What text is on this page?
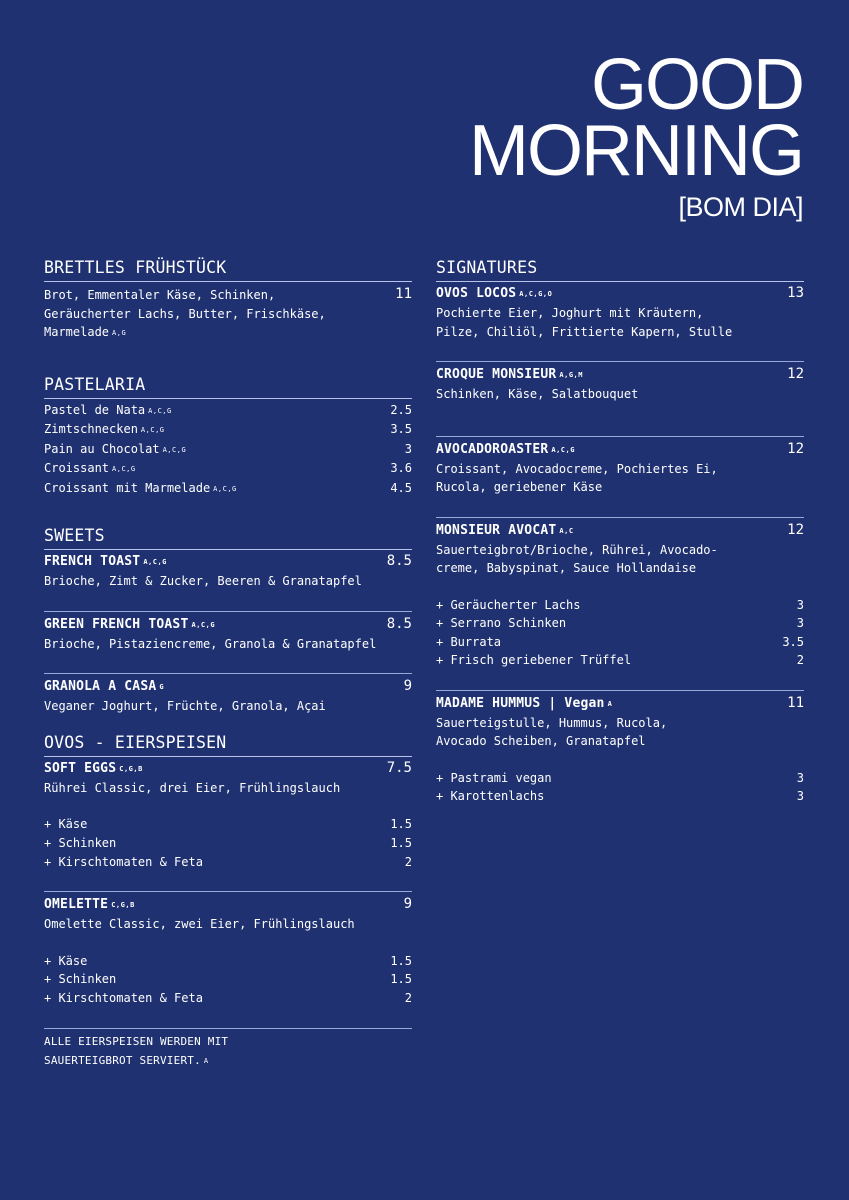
GOOD
MORNING
[BOM DIA]
BRETTLES FRÜHSTÜCK
11
Brot, Emmentaler Käse, Schinken,
Geräucherter Lachs, Butter, Frischkäse,
Marmelade A,G
PASTELARIA
Pastel de Nata A,C,G	2.5
Zimtschnecken A,C,G	3.5
Pain au Chocolat A,C,G	3
Croissant A,C,G	3.6
Croissant mit Marmelade A,C,G	4.5
SWEETS
FRENCH TOAST A,C,G	8.5
Brioche, Zimt & Zucker, Beeren & Granatapfel
GREEN FRENCH TOAST A,C,G	8.5
Brioche, Pistaziencreme, Granola & Granatapfel
GRANOLA A CASA G	9
Veganer Joghurt, Früchte, Granola, Açai
OVOS - EIERSPEISEN
SOFT EGGS C,G,B	7.5
Rührei Classic, drei Eier, Frühlingslauch
+ Käse	1.5
+ Schinken	1.5
+ Kirschtomaten & Feta	2
OMELETTE C,G,B	9
Omelette Classic, zwei Eier, Frühlingslauch
+ Käse	1.5
+ Schinken	1.5
+ Kirschtomaten & Feta	2
ALLE EIERSPEISEN WERDEN MIT
SAUERTEIGBROT SERVIERT. A
SIGNATURES
OVOS LOCOS A,C,G,O	13
Pochierte Eier, Joghurt mit Kräutern,
Pilze, Chiliöl, Frittierte Kapern, Stulle
CROQUE MONSIEUR A,G,M	12
Schinken, Käse, Salatbouquet
AVOCADOROASTER A,C,G	12
Croissant, Avocadocreme, Pochiertes Ei,
Rucola, geriebener Käse
MONSIEUR AVOCAT A,C	12
Sauerteigbrot/Brioche, Rührei, Avocado-
creme, Babyspinat, Sauce Hollandaise
+ Geräucherter Lachs	3
+ Serrano Schinken	3
+ Burrata	3.5
+ Frisch geriebener Trüffel	2
MADAME HUMMUS | Vegan A	11
Sauerteigstulle, Hummus, Rucola,
Avocado Scheiben, Granatapfel
+ Pastrami vegan	3
+ Karottenlachs	3
